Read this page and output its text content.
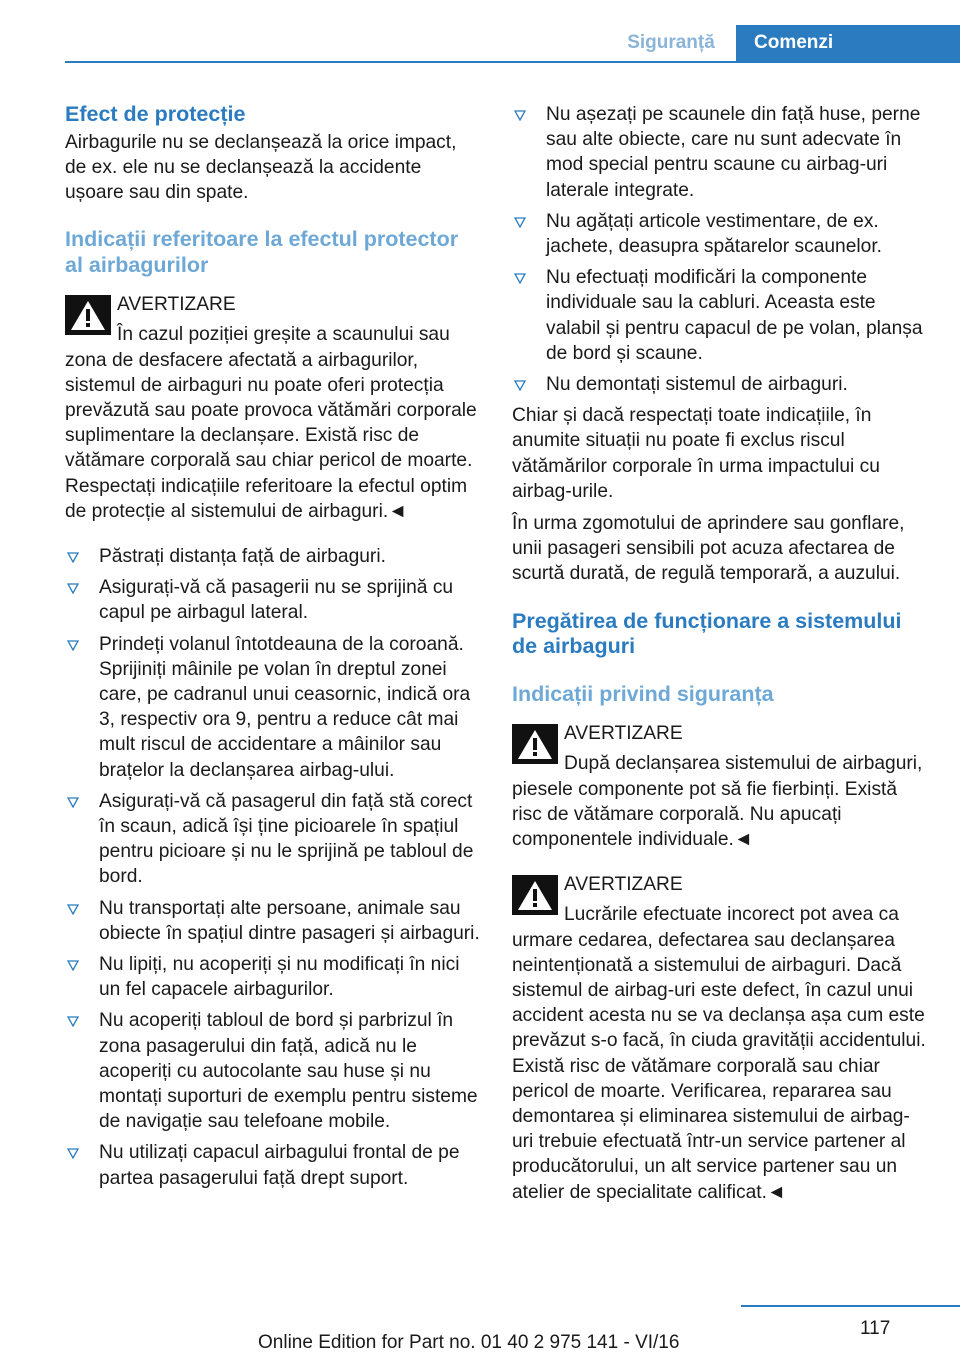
Siguranță	Comenzi
Efect de protecție
Airbagurile nu se declanșează la orice impact, de ex. ele nu se declanșează la accidente ușoare sau din spate.
Indicații referitoare la efectul protector al airbagurilor
AVERTIZARE
În cazul poziției greșite a scaunului sau zona de desfacere afectată a airbagurilor, sistemul de airbaguri nu poate oferi protecția prevăzută sau poate provoca vătămări corporale suplimentare la declanșare. Există risc de vătămare corporală sau chiar pericol de moarte. Respectați indicațiile referitoare la efectul optim de protecție al sistemului de airbaguri.◄
Păstrați distanța față de airbaguri.
Asigurați-vă că pasagerii nu se sprijină cu capul pe airbagul lateral.
Prindeți volanul întotdeauna de la coroană. Sprijiniți mâinile pe volan în dreptul zonei care, pe cadranul unui ceasornic, indică ora 3, respectiv ora 9, pentru a reduce cât mai mult riscul de accidentare a mâinilor sau brațelor la declanșarea airbag-ului.
Asigurați-vă că pasagerul din față stă corect în scaun, adică își ține picioarele în spațiul pentru picioare și nu le sprijină pe tabloul de bord.
Nu transportați alte persoane, animale sau obiecte în spațiul dintre pasageri și airbaguri.
Nu lipiți, nu acoperiți și nu modificați în nici un fel capacele airbagurilor.
Nu acoperiți tabloul de bord și parbrizul în zona pasagerului din față, adică nu le acoperiți cu autocolante sau huse și nu montați suporturi de exemplu pentru sisteme de navigație sau telefoane mobile.
Nu utilizați capacul airbagului frontal de pe partea pasagerului față drept suport.
Nu așezați pe scaunele din față huse, perne sau alte obiecte, care nu sunt adecvate în mod special pentru scaune cu airbag-uri laterale integrate.
Nu agățați articole vestimentare, de ex. jachete, deasupra spătarelor scaunelor.
Nu efectuați modificări la componente individuale sau la cabluri. Aceasta este valabil și pentru capacul de pe volan, planșa de bord și scaune.
Nu demontați sistemul de airbaguri.
Chiar și dacă respectați toate indicațiile, în anumite situații nu poate fi exclus riscul vătămărilor corporale în urma impactului cu airbag-urile.
În urma zgomotului de aprindere sau gonflare, unii pasageri sensibili pot acuza afectarea de scurtă durată, de regulă temporară, a auzului.
Pregătirea de funcționare a sistemului de airbaguri
Indicații privind siguranța
AVERTIZARE
După declanșarea sistemului de airbaguri, piesele componente pot să fie fierbinți. Există risc de vătămare corporală. Nu apucați componentele individuale.◄
AVERTIZARE
Lucrările efectuate incorect pot avea ca urmare cedarea, defectarea sau declanșarea neintenționată a sistemului de airbaguri. Dacă sistemul de airbag-uri este defect, în cazul unui accident acesta nu se va declanșa așa cum este prevăzut s-o facă, în ciuda gravității accidentului. Există risc de vătămare corporală sau chiar pericol de moarte. Verificarea, repararea sau demontarea și eliminarea sistemului de airbag-uri trebuie efectuată într-un service partener al producătorului, un alt service partener sau un atelier de specialitate calificat.◄
117
Online Edition for Part no. 01 40 2 975 141 - VI/16
